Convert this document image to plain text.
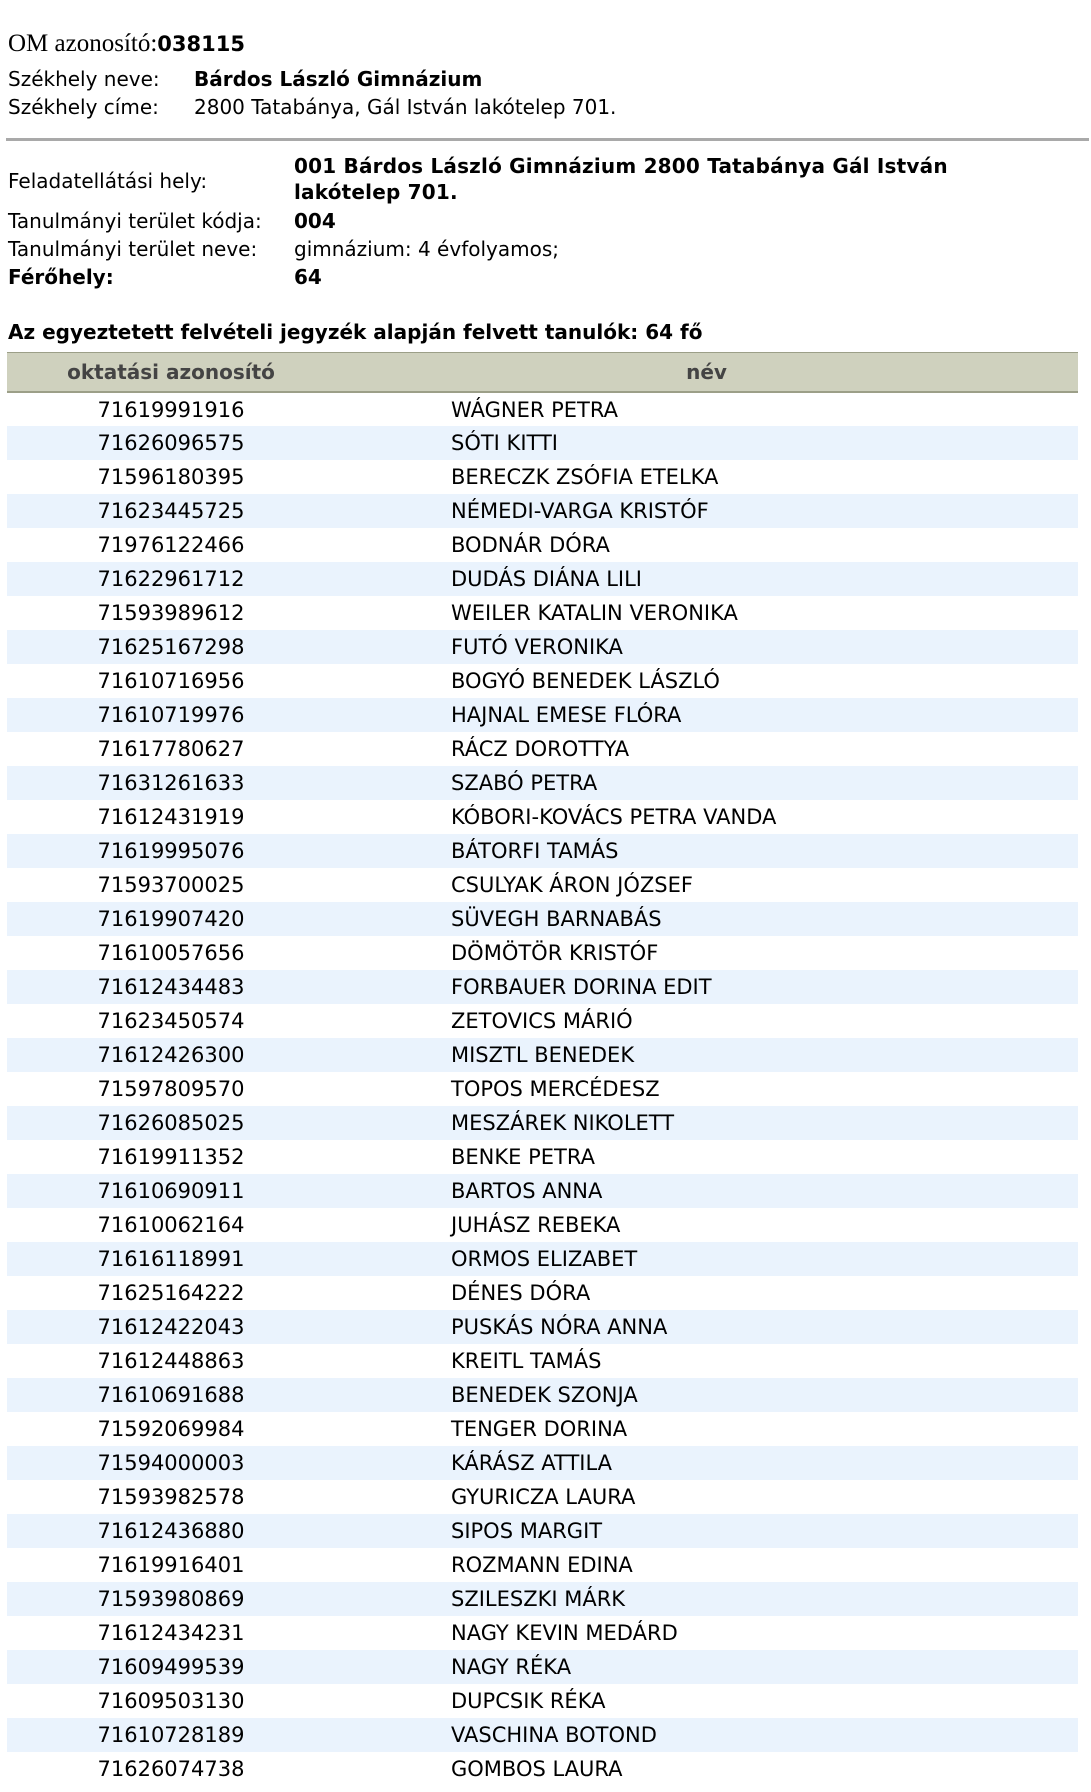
OM azonosító:038115
Székhely neve: Bárdos László Gimnázium
Székhely címe: 2800 Tatabánya, Gál István lakótelep 701.
Feladatellátási hely:
001 Bárdos László Gimnázium 2800 Tatabánya Gál István lakótelep 701.
Tanulmányi terület kódja: 004
Tanulmányi terület neve: gimnázium: 4 évfolyamos;
Férőhely:	64
Az egyeztetett felvételi jegyzék alapján felvett tanulók: 64 fő
oktatási azonosító	név
71619991916	WÁGNER PETRA
71626096575	SÓTI KITTI
71596180395	BERECZK ZSÓFIA ETELKA
71623445725	NÉMEDI-VARGA KRISTÓF
71976122466	BODNÁR DÓRA
71622961712	DUDÁS DIÁNA LILI
71593989612	WEILER KATALIN VERONIKA
71625167298	FUTÓ VERONIKA
71610716956	BOGYÓ BENEDEK LÁSZLÓ
71610719976	HAJNAL EMESE FLÓRA
71617780627	RÁCZ DOROTTYA
71631261633	SZABÓ PETRA
71612431919	KÓBORI-KOVÁCS PETRA VANDA
71619995076	BÁTORFI TAMÁS
71593700025	CSULYAK ÁRON JÓZSEF
71619907420	SÜVEGH BARNABÁS
71610057656	DÖMÖTÖR KRISTÓF
71612434483	FORBAUER DORINA EDIT
71623450574	ZETOVICS MÁRIÓ
71612426300	MISZTL BENEDEK
71597809570	TOPOS MERCÉDESZ
71626085025	MESZÁREK NIKOLETT
71619911352	BENKE PETRA
71610690911	BARTOS ANNA
71610062164	JUHÁSZ REBEKA
71616118991	ORMOS ELIZABET
71625164222	DÉNES DÓRA
71612422043	PUSKÁS NÓRA ANNA
71612448863	KREITL TAMÁS
71610691688	BENEDEK SZONJA
71592069984	TENGER DORINA
71594000003	KÁRÁSZ ATTILA
71593982578	GYURICZA LAURA
71612436880	SIPOS MARGIT
71619916401	ROZMANN EDINA
71593980869	SZILESZKI MÁRK
71612434231	NAGY KEVIN MEDÁRD
71609499539	NAGY RÉKA
71609503130	DUPCSIK RÉKA
71610728189	VASCHINA BOTOND
71626074738	GOMBOS LAURA
